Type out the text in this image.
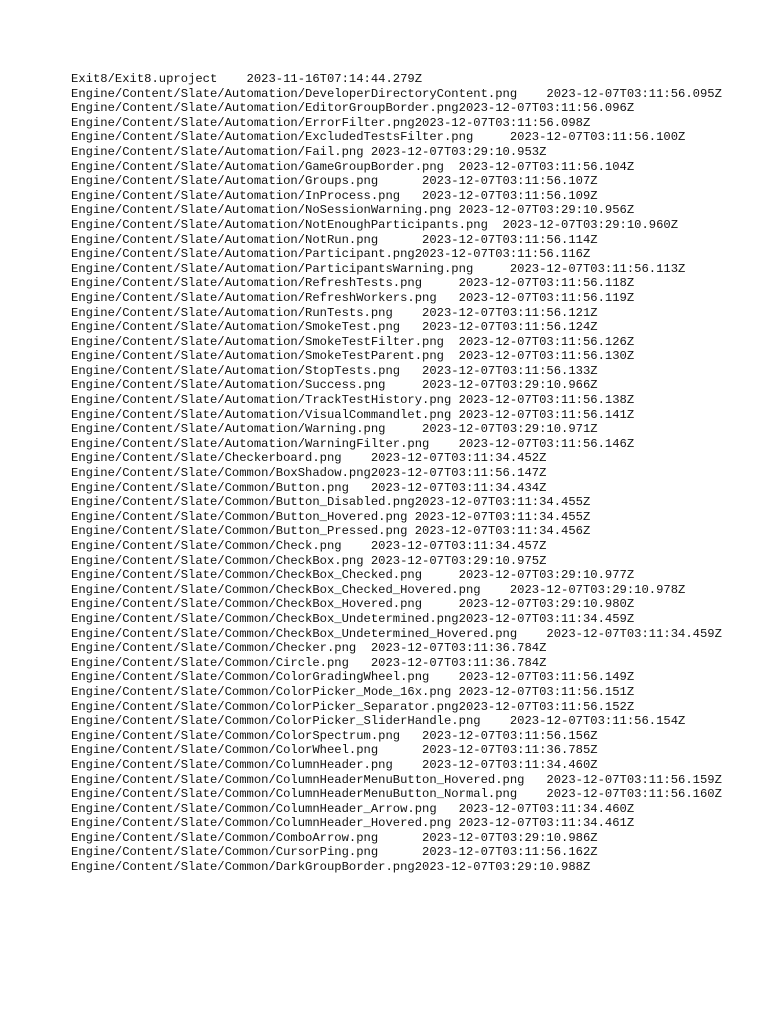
Exit8/Exit8.uproject    2023-11-16T07:14:44.279Z
Engine/Content/Slate/Automation/DeveloperDirectoryContent.png    2023-12-07T03:11:56.095Z
Engine/Content/Slate/Automation/EditorGroupBorder.png2023-12-07T03:11:56.096Z
Engine/Content/Slate/Automation/ErrorFilter.png2023-12-07T03:11:56.098Z
Engine/Content/Slate/Automation/ExcludedTestsFilter.png     2023-12-07T03:11:56.100Z
Engine/Content/Slate/Automation/Fail.png 2023-12-07T03:29:10.953Z
Engine/Content/Slate/Automation/GameGroupBorder.png  2023-12-07T03:11:56.104Z
Engine/Content/Slate/Automation/Groups.png      2023-12-07T03:11:56.107Z
Engine/Content/Slate/Automation/InProcess.png   2023-12-07T03:11:56.109Z
Engine/Content/Slate/Automation/NoSessionWarning.png 2023-12-07T03:29:10.956Z
Engine/Content/Slate/Automation/NotEnoughParticipants.png  2023-12-07T03:29:10.960Z
Engine/Content/Slate/Automation/NotRun.png      2023-12-07T03:11:56.114Z
Engine/Content/Slate/Automation/Participant.png2023-12-07T03:11:56.116Z
Engine/Content/Slate/Automation/ParticipantsWarning.png     2023-12-07T03:11:56.113Z
Engine/Content/Slate/Automation/RefreshTests.png     2023-12-07T03:11:56.118Z
Engine/Content/Slate/Automation/RefreshWorkers.png   2023-12-07T03:11:56.119Z
Engine/Content/Slate/Automation/RunTests.png    2023-12-07T03:11:56.121Z
Engine/Content/Slate/Automation/SmokeTest.png   2023-12-07T03:11:56.124Z
Engine/Content/Slate/Automation/SmokeTestFilter.png  2023-12-07T03:11:56.126Z
Engine/Content/Slate/Automation/SmokeTestParent.png  2023-12-07T03:11:56.130Z
Engine/Content/Slate/Automation/StopTests.png   2023-12-07T03:11:56.133Z
Engine/Content/Slate/Automation/Success.png     2023-12-07T03:29:10.966Z
Engine/Content/Slate/Automation/TrackTestHistory.png 2023-12-07T03:11:56.138Z
Engine/Content/Slate/Automation/VisualCommandlet.png 2023-12-07T03:11:56.141Z
Engine/Content/Slate/Automation/Warning.png     2023-12-07T03:29:10.971Z
Engine/Content/Slate/Automation/WarningFilter.png    2023-12-07T03:11:56.146Z
Engine/Content/Slate/Checkerboard.png    2023-12-07T03:11:34.452Z
Engine/Content/Slate/Common/BoxShadow.png2023-12-07T03:11:56.147Z
Engine/Content/Slate/Common/Button.png   2023-12-07T03:11:34.434Z
Engine/Content/Slate/Common/Button_Disabled.png2023-12-07T03:11:34.455Z
Engine/Content/Slate/Common/Button_Hovered.png 2023-12-07T03:11:34.455Z
Engine/Content/Slate/Common/Button_Pressed.png 2023-12-07T03:11:34.456Z
Engine/Content/Slate/Common/Check.png    2023-12-07T03:11:34.457Z
Engine/Content/Slate/Common/CheckBox.png 2023-12-07T03:29:10.975Z
Engine/Content/Slate/Common/CheckBox_Checked.png     2023-12-07T03:29:10.977Z
Engine/Content/Slate/Common/CheckBox_Checked_Hovered.png    2023-12-07T03:29:10.978Z
Engine/Content/Slate/Common/CheckBox_Hovered.png     2023-12-07T03:29:10.980Z
Engine/Content/Slate/Common/CheckBox_Undetermined.png2023-12-07T03:11:34.459Z
Engine/Content/Slate/Common/CheckBox_Undetermined_Hovered.png    2023-12-07T03:11:34.459Z
Engine/Content/Slate/Common/Checker.png  2023-12-07T03:11:36.784Z
Engine/Content/Slate/Common/Circle.png   2023-12-07T03:11:36.784Z
Engine/Content/Slate/Common/ColorGradingWheel.png    2023-12-07T03:11:56.149Z
Engine/Content/Slate/Common/ColorPicker_Mode_16x.png 2023-12-07T03:11:56.151Z
Engine/Content/Slate/Common/ColorPicker_Separator.png2023-12-07T03:11:56.152Z
Engine/Content/Slate/Common/ColorPicker_SliderHandle.png    2023-12-07T03:11:56.154Z
Engine/Content/Slate/Common/ColorSpectrum.png   2023-12-07T03:11:56.156Z
Engine/Content/Slate/Common/ColorWheel.png      2023-12-07T03:11:36.785Z
Engine/Content/Slate/Common/ColumnHeader.png    2023-12-07T03:11:34.460Z
Engine/Content/Slate/Common/ColumnHeaderMenuButton_Hovered.png   2023-12-07T03:11:56.159Z
Engine/Content/Slate/Common/ColumnHeaderMenuButton_Normal.png    2023-12-07T03:11:56.160Z
Engine/Content/Slate/Common/ColumnHeader_Arrow.png   2023-12-07T03:11:34.460Z
Engine/Content/Slate/Common/ColumnHeader_Hovered.png 2023-12-07T03:11:34.461Z
Engine/Content/Slate/Common/ComboArrow.png      2023-12-07T03:29:10.986Z
Engine/Content/Slate/Common/CursorPing.png      2023-12-07T03:11:56.162Z
Engine/Content/Slate/Common/DarkGroupBorder.png2023-12-07T03:29:10.988Z
